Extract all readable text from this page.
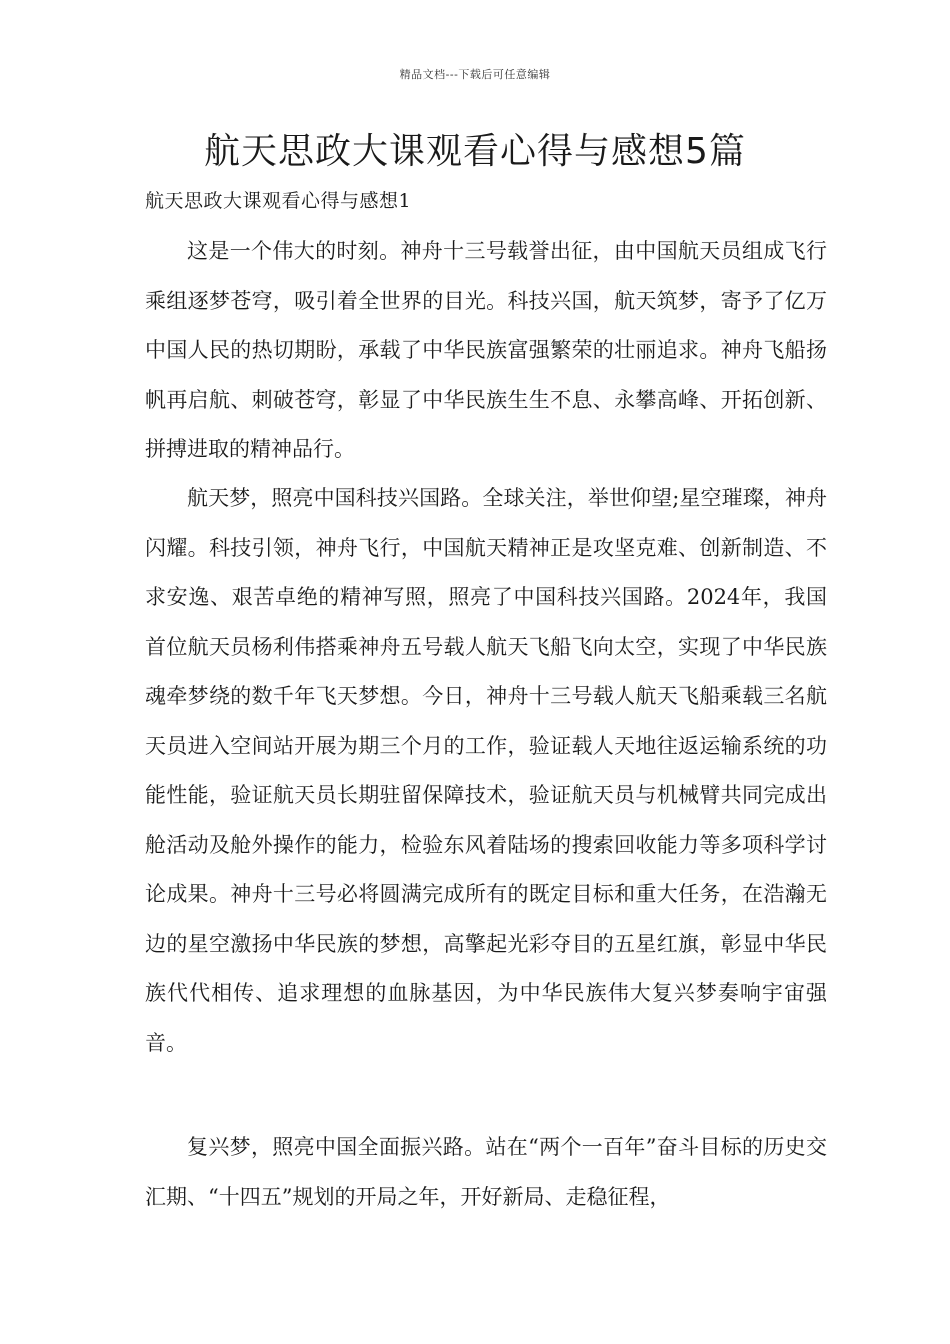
精品文档---下载后可任意编辑
航天思政大课观看心得与感想5篇
航天思政大课观看心得与感想1

这是一个伟大的时刻。神舟十三号载誉出征，由中国航天员组成飞行乘组逐梦苍穹，吸引着全世界的目光。科技兴国，航天筑梦，寄予了亿万中国人民的热切期盼，承载了中华民族富强繁荣的壮丽追求。神舟飞船扬帆再启航、刺破苍穹，彰显了中华民族生生不息、永攀高峰、开拓创新、拼搏进取的精神品行。

航天梦，照亮中国科技兴国路。全球关注，举世仰望;星空璀璨，神舟闪耀。科技引领，神舟飞行，中国航天精神正是攻坚克难、创新制造、不求安逸、艰苦卓绝的精神写照，照亮了中国科技兴国路。2024年，我国首位航天员杨利伟搭乘神舟五号载人航天飞船飞向太空，实现了中华民族魂牵梦绕的数千年飞天梦想。今日，神舟十三号载人航天飞船乘载三名航天员进入空间站开展为期三个月的工作，验证载人天地往返运输系统的功能性能，验证航天员长期驻留保障技术，验证航天员与机械臂共同完成出舱活动及舱外操作的能力，检验东风着陆场的搜索回收能力等多项科学讨论成果。神舟十三号必将圆满完成所有的既定目标和重大任务，在浩瀚无边的星空激扬中华民族的梦想，高擎起光彩夺目的五星红旗，彰显中华民族代代相传、追求理想的血脉基因，为中华民族伟大复兴梦奏响宇宙强音。

复兴梦，照亮中国全面振兴路。站在“两个一百年”奋斗目标的历史交汇期、“十四五”规划的开局之年，开好新局、走稳征程，
